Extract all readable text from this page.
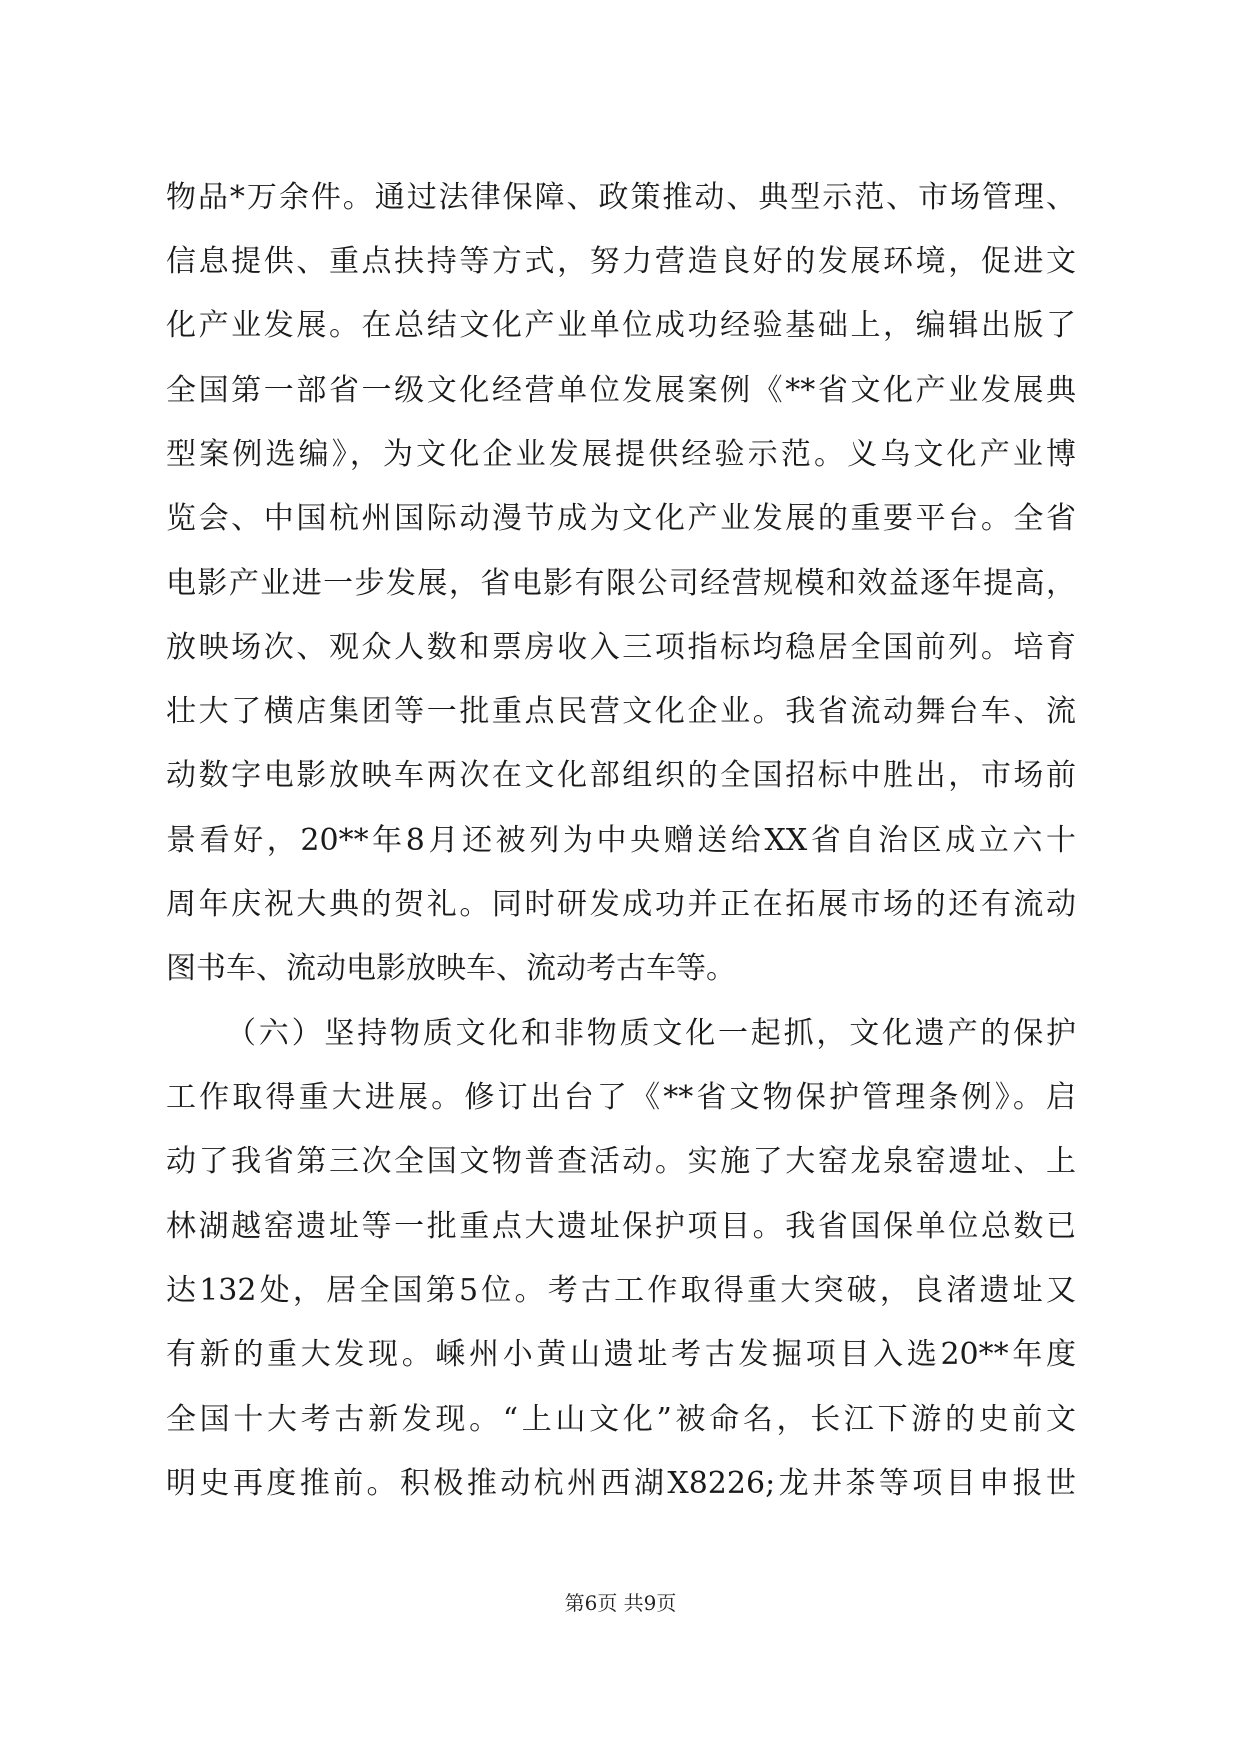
物品*万余件。通过法律保障、政策推动、典型示范、市场管理、
信息提供、重点扶持等方式，努力营造良好的发展环境，促进文
化产业发展。在总结文化产业单位成功经验基础上，编辑出版了
全国第一部省一级文化经营单位发展案例《**省文化产业发展典
型案例选编》，为文化企业发展提供经验示范。义乌文化产业博
览会、中国杭州国际动漫节成为文化产业发展的重要平台。全省
电影产业进一步发展，省电影有限公司经营规模和效益逐年提高，
放映场次、观众人数和票房收入三项指标均稳居全国前列。培育
壮大了横店集团等一批重点民营文化企业。我省流动舞台车、流
动数字电影放映车两次在文化部组织的全国招标中胜出，市场前
景看好，20**年8月还被列为中央赠送给XX省自治区成立六十
周年庆祝大典的贺礼。同时研发成功并正在拓展市场的还有流动
图书车、流动电影放映车、流动考古车等。
（六）坚持物质文化和非物质文化一起抓，文化遗产的保护
工作取得重大进展。修订出台了《**省文物保护管理条例》。启
动了我省第三次全国文物普查活动。实施了大窑龙泉窑遗址、上
林湖越窑遗址等一批重点大遗址保护项目。我省国保单位总数已
达132处，居全国第5位。考古工作取得重大突破，良渚遗址又
有新的重大发现。嵊州小黄山遗址考古发掘项目入选20**年度
全国十大考古新发现。“上山文化”被命名，长江下游的史前文
明史再度推前。积极推动杭州西湖X8226;龙井茶等项目申报世
第6页 共9页
